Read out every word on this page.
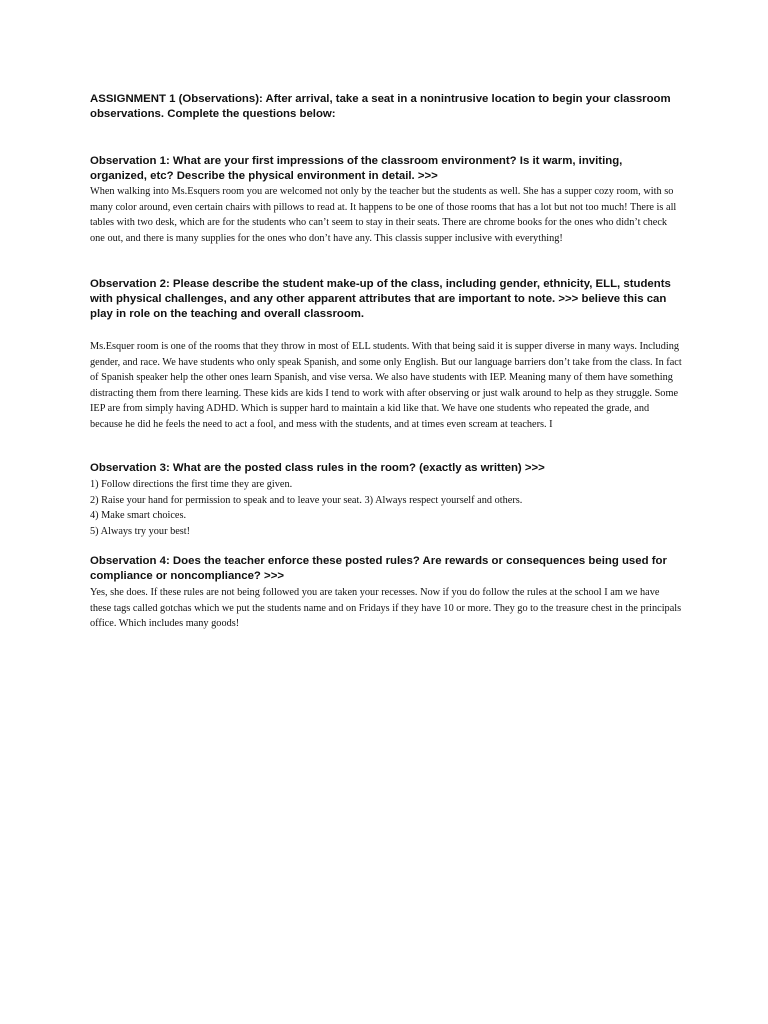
ASSIGNMENT 1 (Observations): After arrival, take a seat in a nonintrusive location to begin your classroom observations. Complete the questions below:

Observation 1: What are your first impressions of the classroom environment? Is it warm, inviting, organized, etc? Describe the physical environment in detail. >>>

When walking into Ms.Esquers room you are welcomed not only by the teacher but the students as well. She has a supper cozy room, with so many color around, even certain chairs with pillows to read at. It happens to be one of those rooms that has a lot but not too much! There is all tables with two desk, which are for the students who can’t seem to stay in their seats. There are chrome books for the ones who didn’t check one out, and there is many supplies for the ones who don’t have any. This classis supper inclusive with everything!

Observation 2: Please describe the student make-up of the class, including gender, ethnicity, ELL, students with physical challenges, and any other apparent attributes that are important to note. >>> believe this can play in role on the teaching and overall classroom.

Ms.Esquer room is one of the rooms that they throw in most of ELL students. With that being said it is supper diverse in many ways. Including gender, and race. We have students who only speak Spanish, and some only English. But our language barriers don’t take from the class. In fact of Spanish speaker help the other ones learn Spanish, and vise versa. We also have students with IEP. Meaning many of them have something distracting them from there learning. These kids are kids I tend to work with after observing or just walk around to help as they struggle. Some IEP are from simply having ADHD. Which is supper hard to maintain a kid like that. We have one students who repeated the grade, and because he did he feels the need to act a fool, and mess with the students, and at times even scream at teachers. I

Observation 3: What are the posted class rules in the room? (exactly as written) >>>

1) Follow directions the first time they are given.
2) Raise your hand for permission to speak and to leave your seat. 3) Always respect yourself and others.
4) Make smart choices.
5) Always try your best!

Observation 4: Does the teacher enforce these posted rules? Are rewards or consequences being used for compliance or noncompliance? >>>

Yes, she does. If these rules are not being followed you are taken your recesses. Now if you do follow the rules at the school I am we have these tags called gotchas which we put the students name and on Fridays if they have 10 or more. They go to the treasure chest in the principals office. Which includes many goods!
